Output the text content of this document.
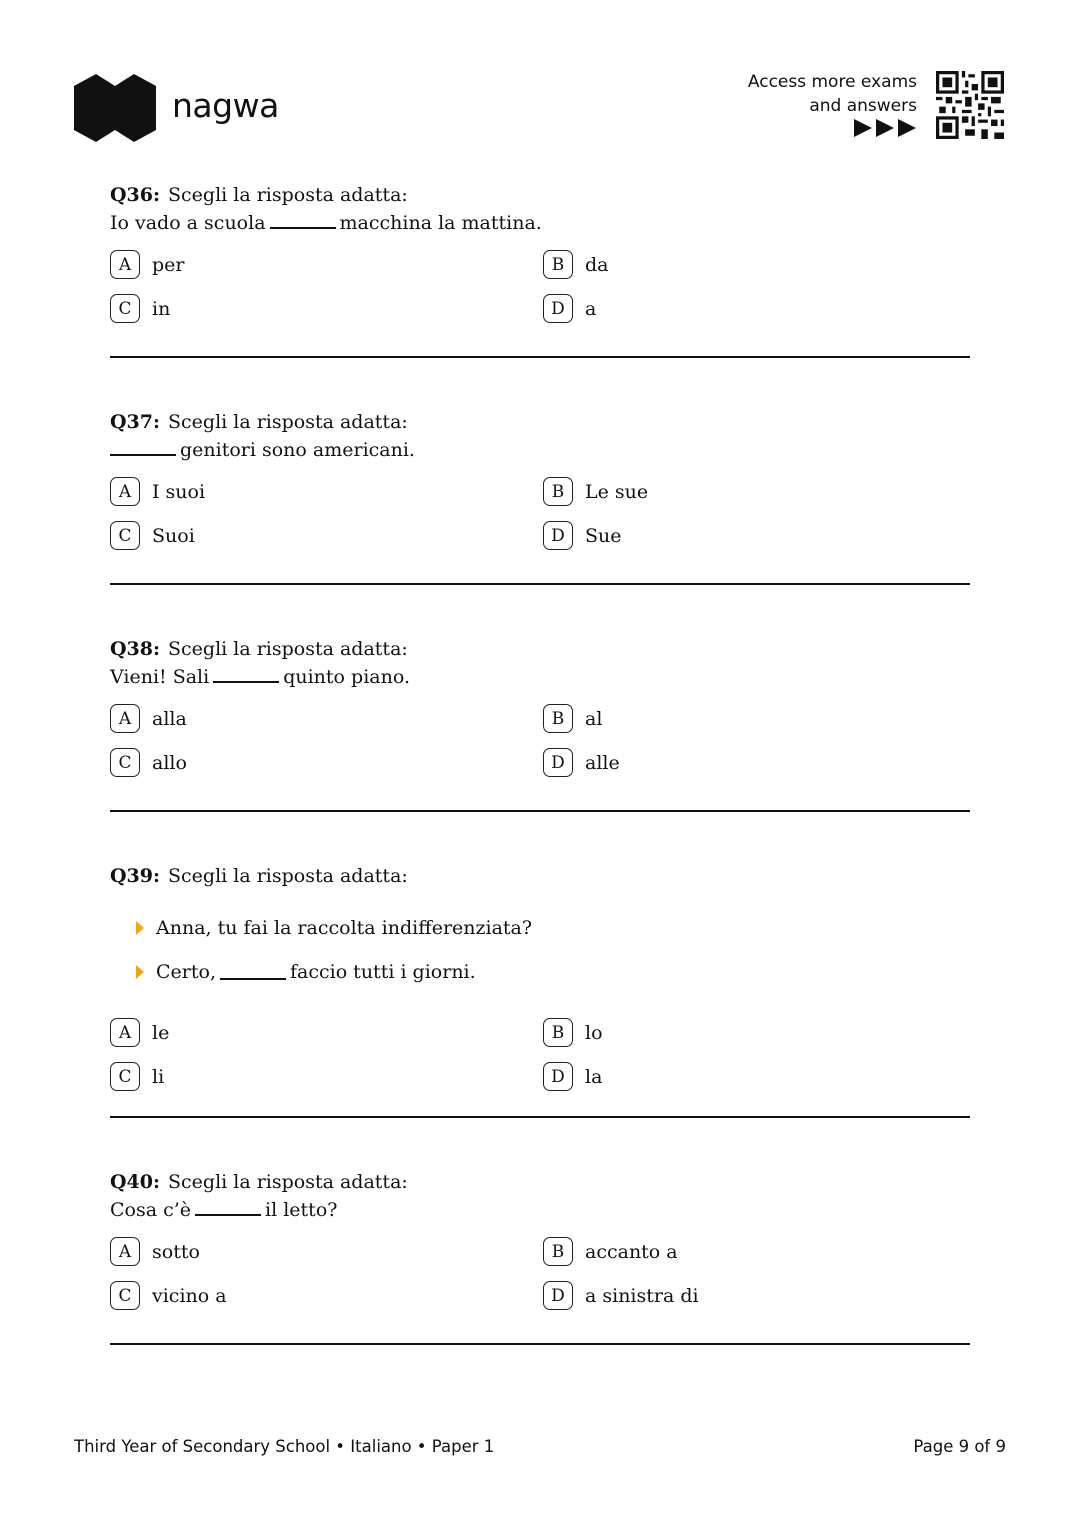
nagwa
Access more exams
and answers
Q36: Scegli la risposta adatta:
Io vado a scuola	macchina la mattina.
A	per	B	da
C	in	D	a
Q37: Scegli la risposta adatta:
genitori sono americani.
A	I suoi	B	Le sue
C	Suoi	D	Sue
Q38: Scegli la risposta adatta:
Vieni! Sali	quinto piano.
A	alla	B	al
C	allo	D	alle
Q39: Scegli la risposta adatta:
Anna, tu fai la raccolta indifferenziata?
Certo,	faccio tutti i giorni.
A	le	B	lo
C	li	D	la
Q40: Scegli la risposta adatta:
Cosa c’è	il letto?
A	sotto	B	accanto a
C	vicino a	D	a sinistra di
Third Year of Secondary School • Italiano • Paper 1	Page 9 of 9
